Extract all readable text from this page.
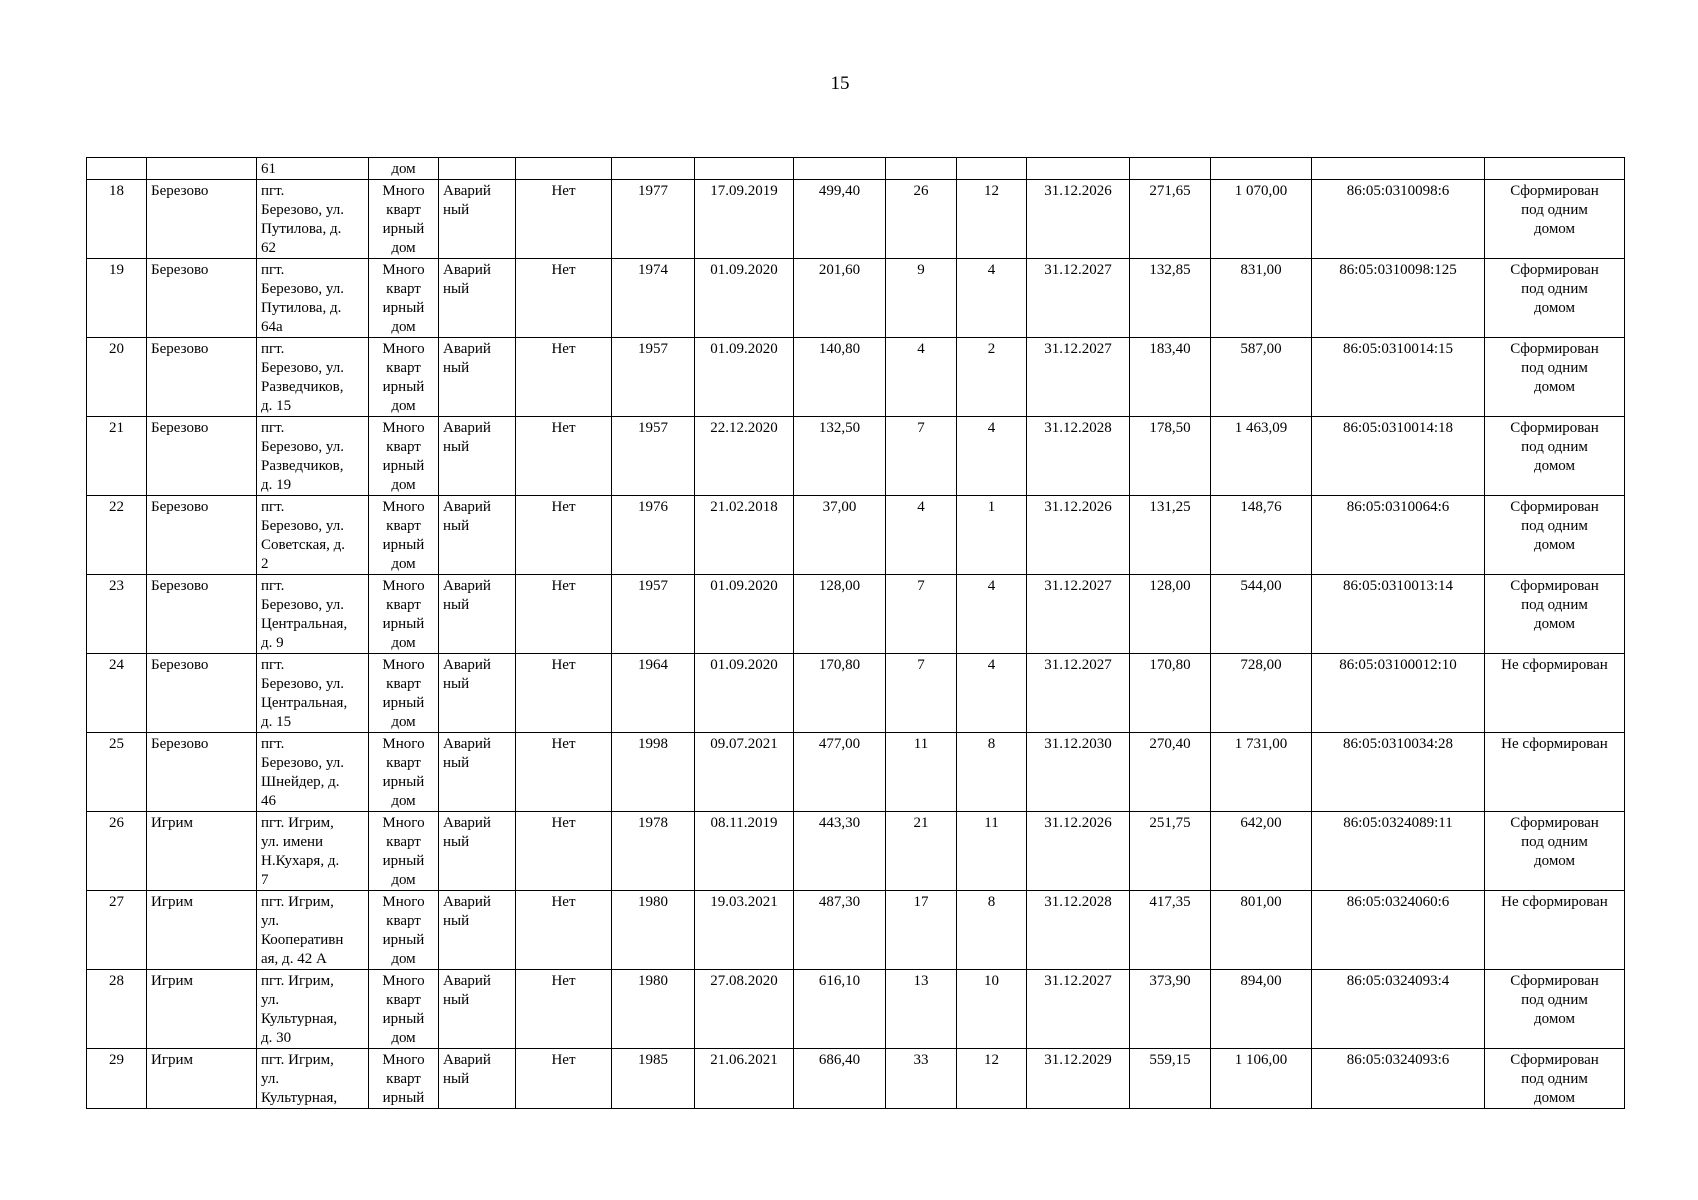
15
		61	дом												
18	Березово	пгт.
Березово, ул.
Путилова, д.
62	Много
кварт
ирный
дом	Аварий
ный	Нет	1977	17.09.2019	499,40	26	12	31.12.2026	271,65	1 070,00	86:05:0310098:6	Сформирован
под одним
домом
19	Березово	пгт.
Березово, ул.
Путилова, д.
64а	Много
кварт
ирный
дом	Аварий
ный	Нет	1974	01.09.2020	201,60	9	4	31.12.2027	132,85	831,00	86:05:0310098:125	Сформирован
под одним
домом
20	Березово	пгт.
Березово, ул.
Разведчиков,
д. 15	Много
кварт
ирный
дом	Аварий
ный	Нет	1957	01.09.2020	140,80	4	2	31.12.2027	183,40	587,00	86:05:0310014:15	Сформирован
под одним
домом
21	Березово	пгт.
Березово, ул.
Разведчиков,
д. 19	Много
кварт
ирный
дом	Аварий
ный	Нет	1957	22.12.2020	132,50	7	4	31.12.2028	178,50	1 463,09	86:05:0310014:18	Сформирован
под одним
домом
22	Березово	пгт.
Березово, ул.
Советская, д.
2	Много
кварт
ирный
дом	Аварий
ный	Нет	1976	21.02.2018	37,00	4	1	31.12.2026	131,25	148,76	86:05:0310064:6	Сформирован
под одним
домом
23	Березово	пгт.
Березово, ул.
Центральная,
д. 9	Много
кварт
ирный
дом	Аварий
ный	Нет	1957	01.09.2020	128,00	7	4	31.12.2027	128,00	544,00	86:05:0310013:14	Сформирован
под одним
домом
24	Березово	пгт.
Березово, ул.
Центральная,
д. 15	Много
кварт
ирный
дом	Аварий
ный	Нет	1964	01.09.2020	170,80	7	4	31.12.2027	170,80	728,00	86:05:03100012:10	Не сформирован
25	Березово	пгт.
Березово, ул.
Шнейдер, д.
46	Много
кварт
ирный
дом	Аварий
ный	Нет	1998	09.07.2021	477,00	11	8	31.12.2030	270,40	1 731,00	86:05:0310034:28	Не сформирован
26	Игрим	пгт. Игрим,
ул. имени
Н.Кухаря, д.
7	Много
кварт
ирный
дом	Аварий
ный	Нет	1978	08.11.2019	443,30	21	11	31.12.2026	251,75	642,00	86:05:0324089:11	Сформирован
под одним
домом
27	Игрим	пгт. Игрим,
ул.
Кооперативн
ая, д. 42 А	Много
кварт
ирный
дом	Аварий
ный	Нет	1980	19.03.2021	487,30	17	8	31.12.2028	417,35	801,00	86:05:0324060:6	Не сформирован
28	Игрим	пгт. Игрим,
ул.
Культурная,
д. 30	Много
кварт
ирный
дом	Аварий
ный	Нет	1980	27.08.2020	616,10	13	10	31.12.2027	373,90	894,00	86:05:0324093:4	Сформирован
под одним
домом
29	Игрим	пгт. Игрим,
ул.
Культурная,	Много
кварт
ирный	Аварий
ный	Нет	1985	21.06.2021	686,40	33	12	31.12.2029	559,15	1 106,00	86:05:0324093:6	Сформирован
под одним
домом
